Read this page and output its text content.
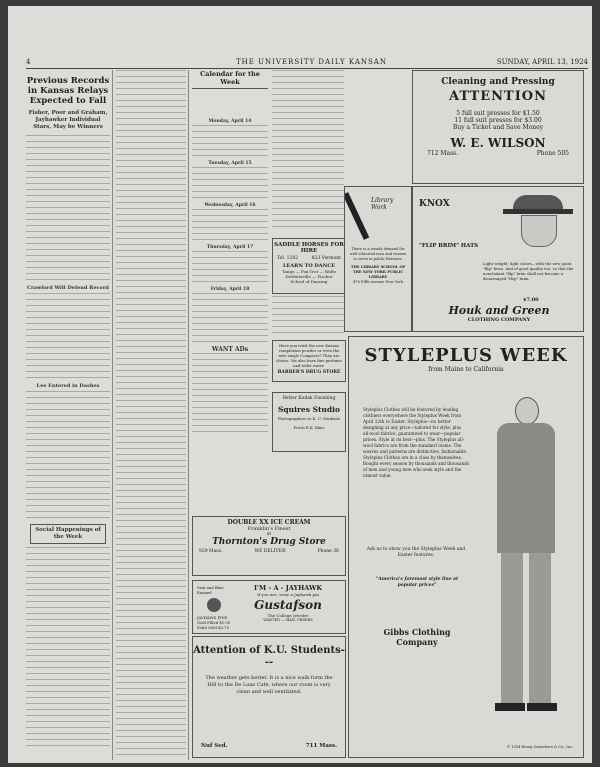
4	THE UNIVERSITY DAILY KANSAN	SUNDAY, APRIL 13, 1924
Previous Records in Kansas Relays Expected to Fall
Fisher, Poor and Graham, Jayhawker Individual Stars, May be Winners
Crawford Will Defend Record
Lee Entered in Dashes
Social Happenings of the Week
Calendar for the Week
Monday, April 14
Tuesday, April 15
Wednesday, April 16
Thursday, April 17
Friday, April 18
WANT ADs
DOUBLE XX ICE CREAM
Franklin's Finest
at
Thornton's Drug Store
929 Mass.	WE DELIVER	Phone 36
Seal and Blue Enamel
JAYHAWK PINS
Gold Filled $1.00
Solid Gold $3.75
I'M - A - JAYHAWK
If you are, wear a Jayhawk pin
Gustafson
The College Jeweler
WANTED — MAN. ORDERS
Attention of K.U. Students---
The weather gets better. It is a nice walk form the Hill to the De Luxe Cafe, where our room is very clean and well ventilated.
Nuf Sed.	711 Mass.
SADDLE HORSES FOR HIRE
Tel. 1282	823 Vermont
LEARN TO DANCE
Tango — Fox Trot — Waltz
DeWattsville — Fischer
School of Dancing
Have you tried the new Kansas complexion powder or even the new single Compacts? They are choice. We also have fine perfume and toilet water.
BARBER'S DRUG STORE
Better Kodak Finishing
Squires Studio
Photographers to K. U. Students
Fresh E.K. films
Library Work
There is a steady demand for well educated men and women to serve in public libraries.
THE LIBRARY SCHOOL OF THE NEW YORK PUBLIC LIBRARY
476 Fifth Avenue New York
Cleaning and Pressing
ATTENTION
5 full suit presses for $1.50
11 full suit presses for $3.00
Buy a Ticket and Save Money
W. E. WILSON
712 Mass.	Phone 505
KNOX
"FLIP BRIM" HATS
Light weight; light colors—with the new jaunt "flip" brim. And of good quality too, so that the nonchalant "flip" brim shall not become a disarranged "flop" brim.
$7.00
Houk and Green
CLOTHING COMPANY
STYLEPLUS WEEK
from Maine to California
Styleplus Clothes will be featured by leading clothiers everywhere the Styleplus Week from April 12th to Easter. Styleplus—no better designing at any price—tailored for style, plus all-wool fabrics, guaranteed to wear—popular prices. Style at its best—plus. The Styleplus all-wool fabrics are from the standard looms. The weaves and patterns are distinctive, fashionable. Styleplus Clothes are in a class by themselves. Bought every season by thousands and thousands of men and young men who seek style and the utmost value.
Ask us to show you the Styleplus Week and Easter features.
"America's foremost style line at popular prices"
Gibbs Clothing Company
© 1924 Henry Sonneborn & Co., Inc.
